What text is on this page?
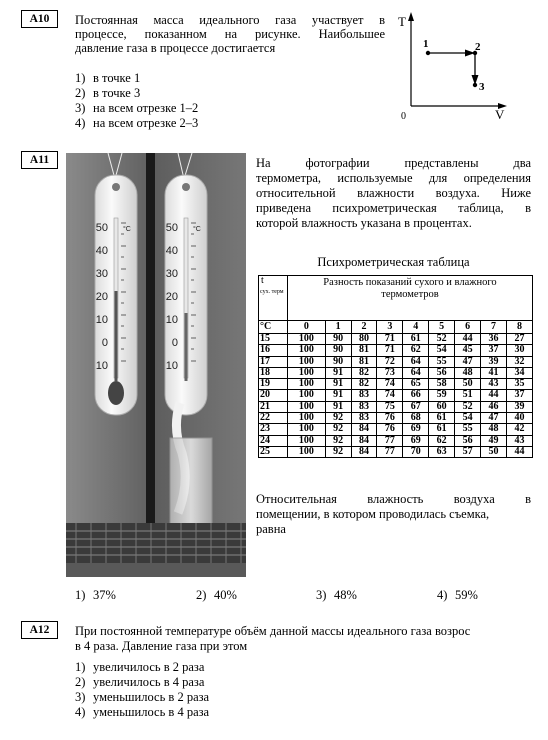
A10	Постоянная масса идеального газа участвует в
процессе, показанном на рисунке. Наибольшее
давление газа в процессе достигается
1) в точке 1
2) в точке 3
3) на всем отрезке 1–2
4) на всем отрезке 2–3
T
V
0
1	2
3
A11
50
40
30
20
10
0
10
50
40
30
20
10
0
10
°C	°C
На фотографии представлены два
термометра, используемые для определения
относительной влажности воздуха. Ниже
приведена психрометрическая таблица, в
которой влажность указана в процентах.
Психрометрическая таблица
t
сух. терм	Разность показаний сухого и влажного термометров								
°C	0	1	2	3	4	5	6	7	8
15	100	90	80	71	61	52	44	36	27
16	100	90	81	71	62	54	45	37	30
17	100	90	81	72	64	55	47	39	32
18	100	91	82	73	64	56	48	41	34
19	100	91	82	74	65	58	50	43	35
20	100	91	83	74	66	59	51	44	37
21	100	91	83	75	67	60	52	46	39
22	100	92	83	76	68	61	54	47	40
23	100	92	84	76	69	61	55	48	42
24	100	92	84	77	69	62	56	49	43
25	100	92	84	77	70	63	57	50	44
Относительная влажность воздуха в
помещении, в котором проводилась съемка,
равна
1) 37%	2) 40%	3) 48%	4) 59%
A12	При постоянной температуре объём данной массы идеального газа возрос
в 4 раза. Давление газа при этом
1) увеличилось в 2 раза
2) увеличилось в 4 раза
3) уменьшилось в 2 раза
4) уменьшилось в 4 раза
